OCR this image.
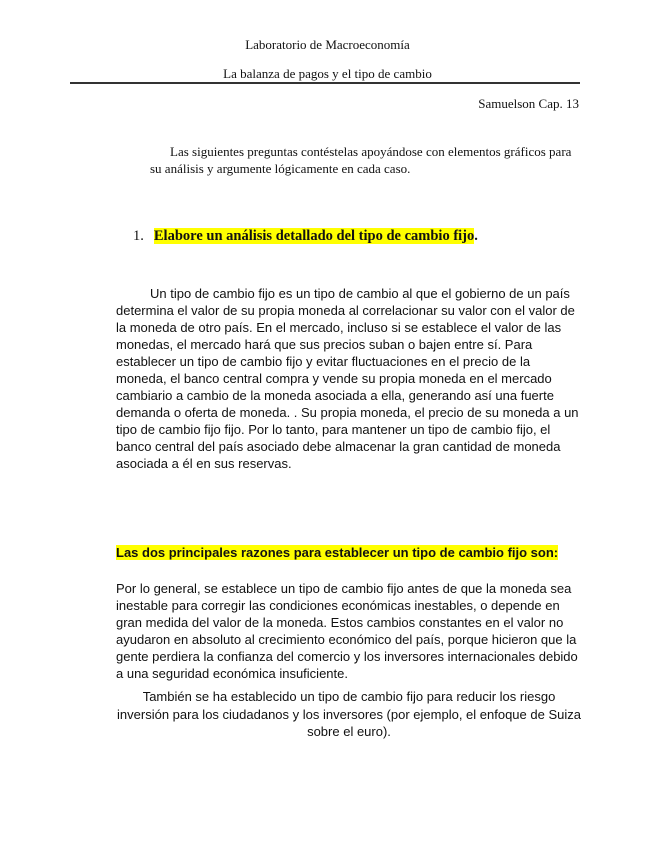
Laboratorio de Macroeconomía
La balanza de pagos y el tipo de cambio
Samuelson Cap. 13
Las siguientes preguntas contéstelas apoyándose con elementos gráficos para su análisis y argumente lógicamente en cada caso.
1. Elabore un análisis detallado del tipo de cambio fijo.
Un tipo de cambio fijo es un tipo de cambio al que el gobierno de un país determina el valor de su propia moneda al correlacionar su valor con el valor de la moneda de otro país. En el mercado, incluso si se establece el valor de las monedas, el mercado hará que sus precios suban o bajen entre sí. Para establecer un tipo de cambio fijo y evitar fluctuaciones en el precio de la moneda, el banco central compra y vende su propia moneda en el mercado cambiario a cambio de la moneda asociada a ella, generando así una fuerte demanda o oferta de moneda. . Su propia moneda, el precio de su moneda a un tipo de cambio fijo fijo. Por lo tanto, para mantener un tipo de cambio fijo, el banco central del país asociado debe almacenar la gran cantidad de moneda asociada a él en sus reservas.
Las dos principales razones para establecer un tipo de cambio fijo son:
Por lo general, se establece un tipo de cambio fijo antes de que la moneda sea inestable para corregir las condiciones económicas inestables, o depende en gran medida del valor de la moneda. Estos cambios constantes en el valor no ayudaron en absoluto al crecimiento económico del país, porque hicieron que la gente perdiera la confianza del comercio y los inversores internacionales debido a una seguridad económica insuficiente.
También se ha establecido un tipo de cambio fijo para reducir los riesgo inversión para los ciudadanos y los inversores (por ejemplo, el enfoque de Suiza sobre el euro).
